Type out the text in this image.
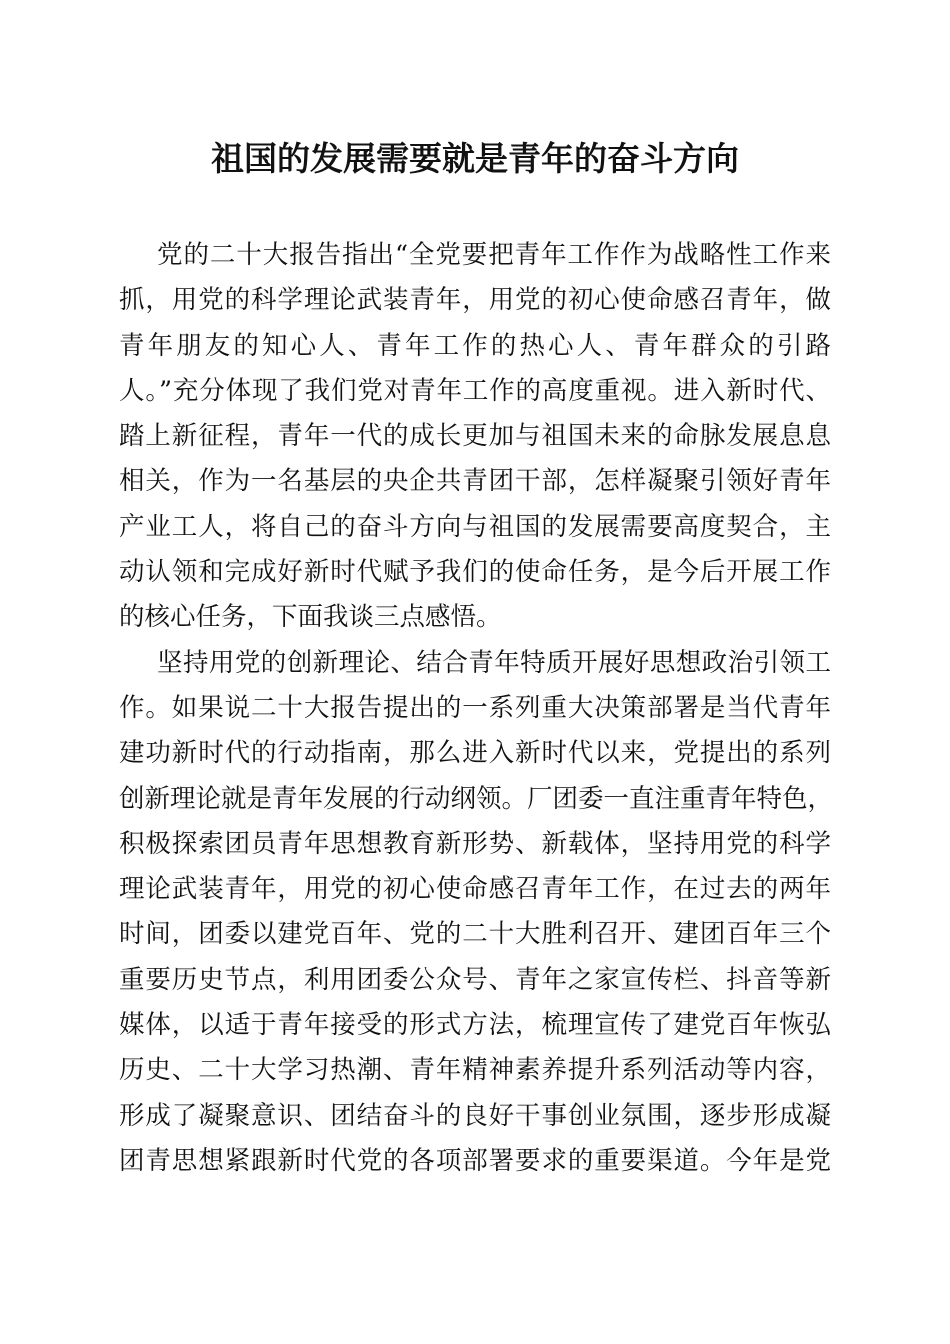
祖国的发展需要就是青年的奋斗方向
党的二十大报告指出“全党要把青年工作作为战略性工作来
抓，用党的科学理论武装青年，用党的初心使命感召青年，做
青年朋友的知心人、青年工作的热心人、青年群众的引路
人。”充分体现了我们党对青年工作的高度重视。进入新时代、
踏上新征程，青年一代的成长更加与祖国未来的命脉发展息息
相关，作为一名基层的央企共青团干部，怎样凝聚引领好青年
产业工人，将自己的奋斗方向与祖国的发展需要高度契合，主
动认领和完成好新时代赋予我们的使命任务，是今后开展工作
的核心任务，下面我谈三点感悟。
坚持用党的创新理论、结合青年特质开展好思想政治引领工
作。如果说二十大报告提出的一系列重大决策部署是当代青年
建功新时代的行动指南，那么进入新时代以来，党提出的系列
创新理论就是青年发展的行动纲领。厂团委一直注重青年特色，
积极探索团员青年思想教育新形势、新载体，坚持用党的科学
理论武装青年，用党的初心使命感召青年工作，在过去的两年
时间，团委以建党百年、党的二十大胜利召开、建团百年三个
重要历史节点，利用团委公众号、青年之家宣传栏、抖音等新
媒体，以适于青年接受的形式方法，梳理宣传了建党百年恢弘
历史、二十大学习热潮、青年精神素养提升系列活动等内容，
形成了凝聚意识、团结奋斗的良好干事创业氛围，逐步形成凝
团青思想紧跟新时代党的各项部署要求的重要渠道。今年是党
